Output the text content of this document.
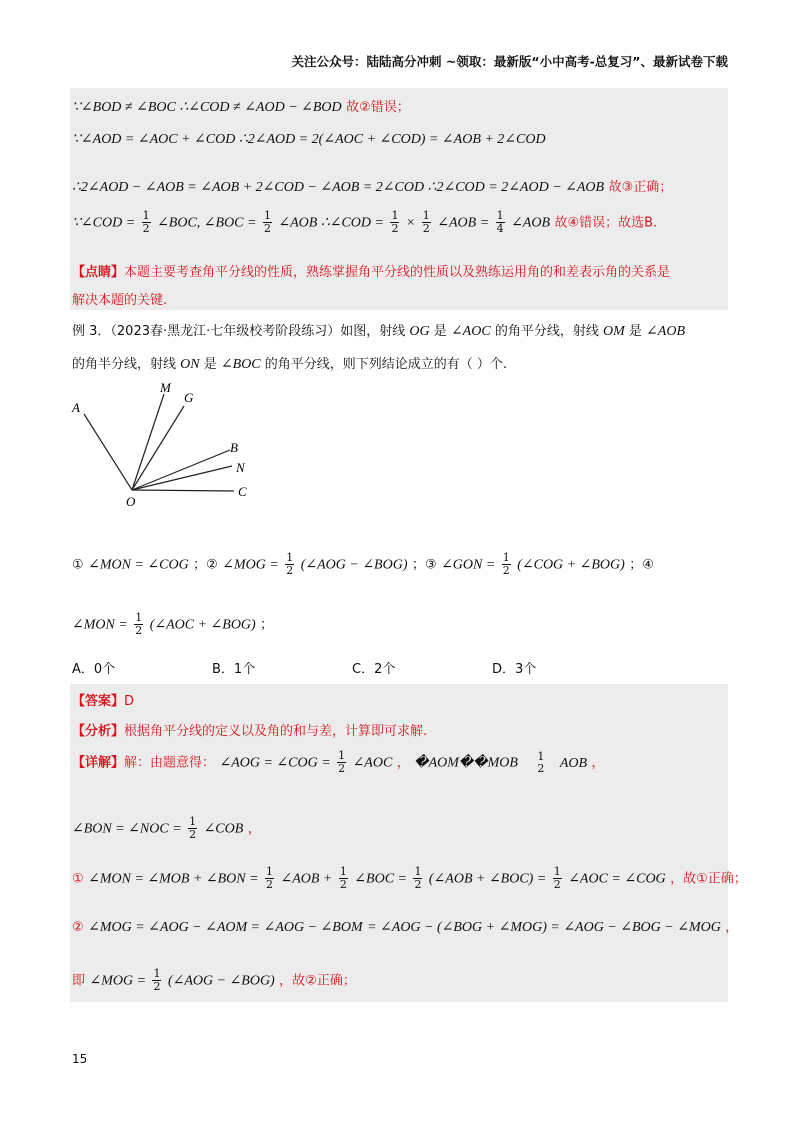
关注公众号：陆陆高分冲刺 ~领取：最新版“小中高考-总复习”、最新试卷下载
∵∠BOD ≠ ∠BOC ∴∠COD ≠ ∠AOD − ∠BOD 故②错误；
∵∠AOD = ∠AOC + ∠COD ∴2∠AOD = 2(∠AOC + ∠COD) = ∠AOB + 2∠COD
∴2∠AOD − ∠AOB = ∠AOB + 2∠COD − ∠AOB = 2∠COD ∴2∠COD = 2∠AOD − ∠AOB 故③正确；
∵∠COD = $\frac{1}{2}$ ∠BOC, ∠BOC = $\frac{1}{2}$ ∠AOB ∴∠COD = $\frac{1}{2} \times \frac{1}{2}$ ∠AOB = $\frac{1}{4}$ ∠AOB 故④错误；故选B.
【点睛】本题主要考查角平分线的性质，熟练掌握角平分线的性质以及熟练运用角的和差表示角的关系是
解决本题的关键.
例 3．（2023春·黑龙江·七年级校考阶段练习）如图，射线 OG 是 ∠AOC 的角平分线，射线 OM 是 ∠AOB
的角半分线，射线 ON 是 ∠BOC 的角平分线，则下列结论成立的有（ ）个.
A
M
G
B
N
C
O
① ∠MON = ∠COG ；② ∠MOG = $\frac{1}{2}$ (∠AOG − ∠BOG) ；③ ∠GON = $\frac{1}{2}$ (∠COG + ∠BOG) ；④
∠MON = $\frac{1}{2}$ (∠AOC + ∠BOG) ；
A．0个	B．1个	C．2个	D．3个
【答案】D
【分析】根据角平分线的定义以及角的和与差，计算即可求解.
【详解】解：由题意得： ∠AOG = ∠COG = $\frac{1}{2}$ ∠AOC ， �AOM��MOB 1
2 AOB ，
∠BON = ∠NOC = $\frac{1}{2}$ ∠COB ，
① ∠MON = ∠MOB + ∠BON = $\frac{1}{2}$ ∠AOB + $\frac{1}{2}$ ∠BOC = $\frac{1}{2}$ (∠AOB + ∠BOC) = $\frac{1}{2}$ ∠AOC = ∠COG ，故①正确；
② ∠MOG = ∠AOG − ∠AOM = ∠AOG − ∠BOM = ∠AOG − (∠BOG + ∠MOG) = ∠AOG − ∠BOG − ∠MOG ，
即 ∠MOG = $\frac{1}{2}$ (∠AOG − ∠BOG) ，故②正确；
15
